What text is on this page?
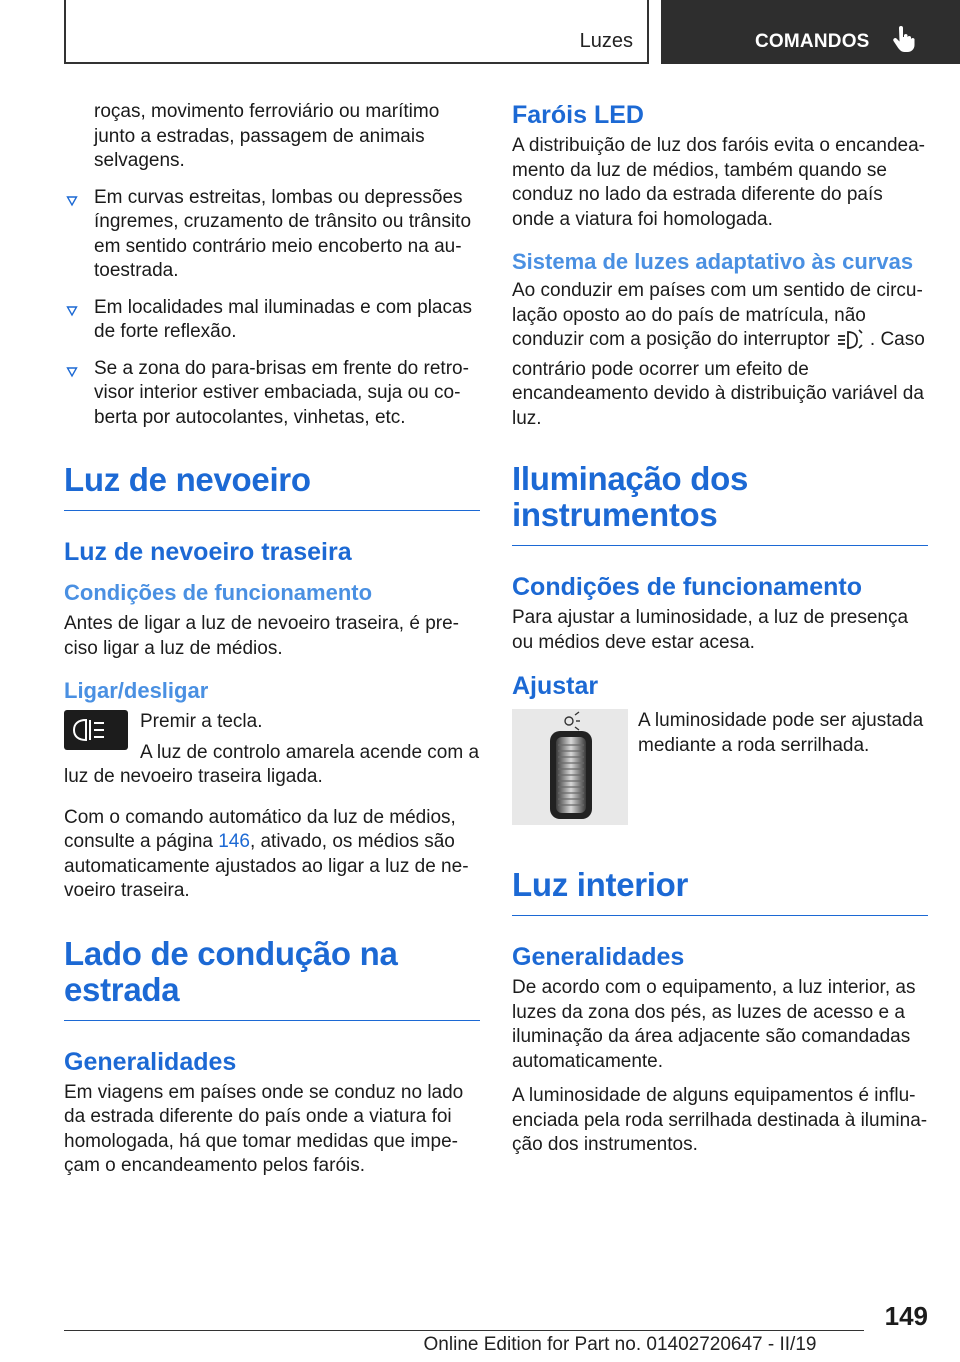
Luzes	COMANDOS
roças, movimento ferroviário ou marítimo junto a estradas, passagem de animais selvagens.
Em curvas estreitas, lombas ou depressões íngremes, cruzamento de trânsito ou trânsito em sentido contrário meio encoberto na autoestrada.
Em localidades mal iluminadas e com placas de forte reflexão.
Se a zona do para-brisas em frente do retrovisor interior estiver embaciada, suja ou coberta por autocolantes, vinhetas, etc.
Luz de nevoeiro
Luz de nevoeiro traseira
Condições de funcionamento
Antes de ligar a luz de nevoeiro traseira, é preciso ligar a luz de médios.
Ligar/desligar
Premir a tecla.
A luz de controlo amarela acende com a luz de nevoeiro traseira ligada.
Com o comando automático da luz de médios, consulte a página 146, ativado, os médios são automaticamente ajustados ao ligar a luz de nevoeiro traseira.
Lado de condução na estrada
Generalidades
Em viagens em países onde se conduz no lado da estrada diferente do país onde a viatura foi homologada, há que tomar medidas que impeçam o encandeamento pelos faróis.
Faróis LED
A distribuição de luz dos faróis evita o encandeamento da luz de médios, também quando se conduz no lado da estrada diferente do país onde a viatura foi homologada.
Sistema de luzes adaptativo às curvas
Ao conduzir em países com um sentido de circulação oposto ao do país de matrícula, não conduzir com a posição do interruptor . Caso contrário pode ocorrer um efeito de encandeamento devido à distribuição variável da luz.
Iluminação dos instrumentos
Condições de funcionamento
Para ajustar a luminosidade, a luz de presença ou médios deve estar acesa.
Ajustar
A luminosidade pode ser ajustada mediante a roda serrilhada.
Luz interior
Generalidades
De acordo com o equipamento, a luz interior, as luzes da zona dos pés, as luzes de acesso e a iluminação da área adjacente são comandadas automaticamente.
A luminosidade de alguns equipamentos é influenciada pela roda serrilhada destinada à iluminação dos instrumentos.
149
Online Edition for Part no. 01402720647 - II/19
